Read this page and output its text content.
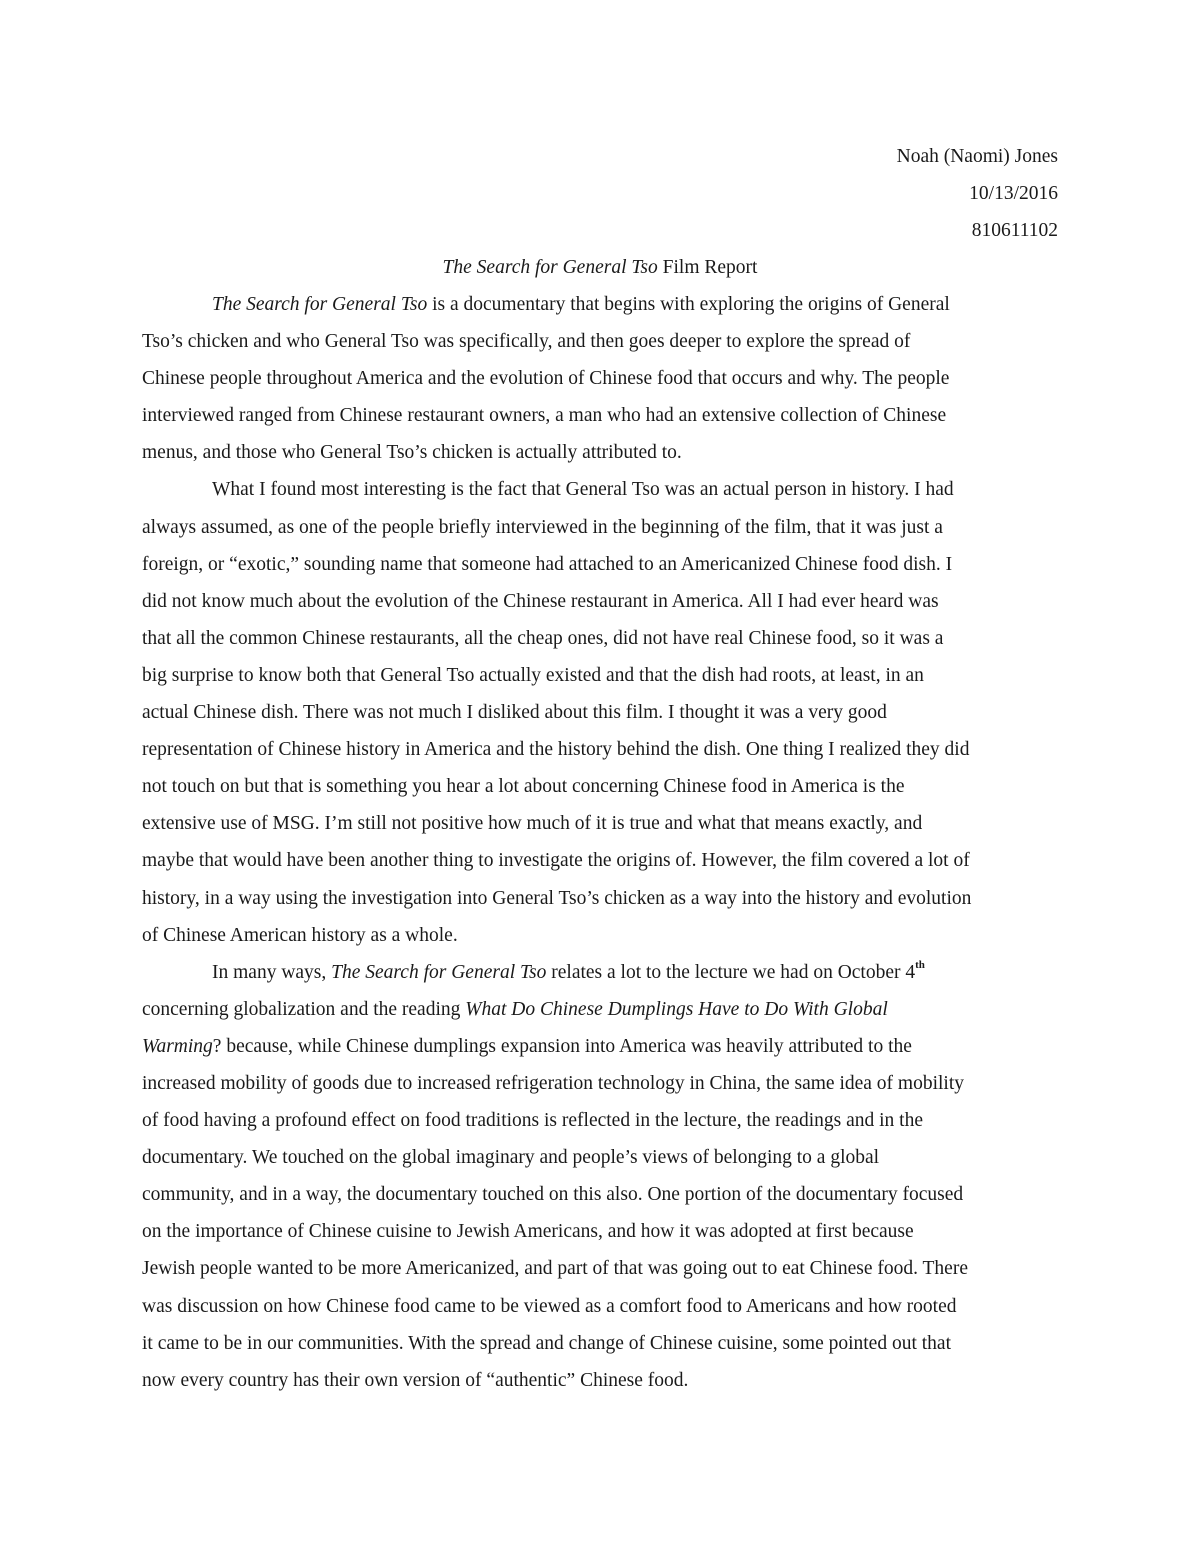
Noah (Naomi) Jones
10/13/2016
810611102
The Search for General Tso Film Report

The Search for General Tso is a documentary that begins with exploring the origins of General
Tso’s chicken and who General Tso was specifically, and then goes deeper to explore the spread of
Chinese people throughout America and the evolution of Chinese food that occurs and why. The people
interviewed ranged from Chinese restaurant owners, a man who had an extensive collection of Chinese
menus, and those who General Tso’s chicken is actually attributed to.

What I found most interesting is the fact that General Tso was an actual person in history. I had
always assumed, as one of the people briefly interviewed in the beginning of the film, that it was just a
foreign, or “exotic,” sounding name that someone had attached to an Americanized Chinese food dish. I
did not know much about the evolution of the Chinese restaurant in America. All I had ever heard was
that all the common Chinese restaurants, all the cheap ones, did not have real Chinese food, so it was a
big surprise to know both that General Tso actually existed and that the dish had roots, at least, in an
actual Chinese dish. There was not much I disliked about this film. I thought it was a very good
representation of Chinese history in America and the history behind the dish. One thing I realized they did
not touch on but that is something you hear a lot about concerning Chinese food in America is the
extensive use of MSG. I’m still not positive how much of it is true and what that means exactly, and
maybe that would have been another thing to investigate the origins of. However, the film covered a lot of
history, in a way using the investigation into General Tso’s chicken as a way into the history and evolution
of Chinese American history as a whole.

In many ways, The Search for General Tso relates a lot to the lecture we had on October 4th
concerning globalization and the reading What Do Chinese Dumplings Have to Do With Global
Warming? because, while Chinese dumplings expansion into America was heavily attributed to the
increased mobility of goods due to increased refrigeration technology in China, the same idea of mobility
of food having a profound effect on food traditions is reflected in the lecture, the readings and in the
documentary. We touched on the global imaginary and people’s views of belonging to a global
community, and in a way, the documentary touched on this also. One portion of the documentary focused
on the importance of Chinese cuisine to Jewish Americans, and how it was adopted at first because
Jewish people wanted to be more Americanized, and part of that was going out to eat Chinese food. There
was discussion on how Chinese food came to be viewed as a comfort food to Americans and how rooted
it came to be in our communities. With the spread and change of Chinese cuisine, some pointed out that
now every country has their own version of “authentic” Chinese food.
